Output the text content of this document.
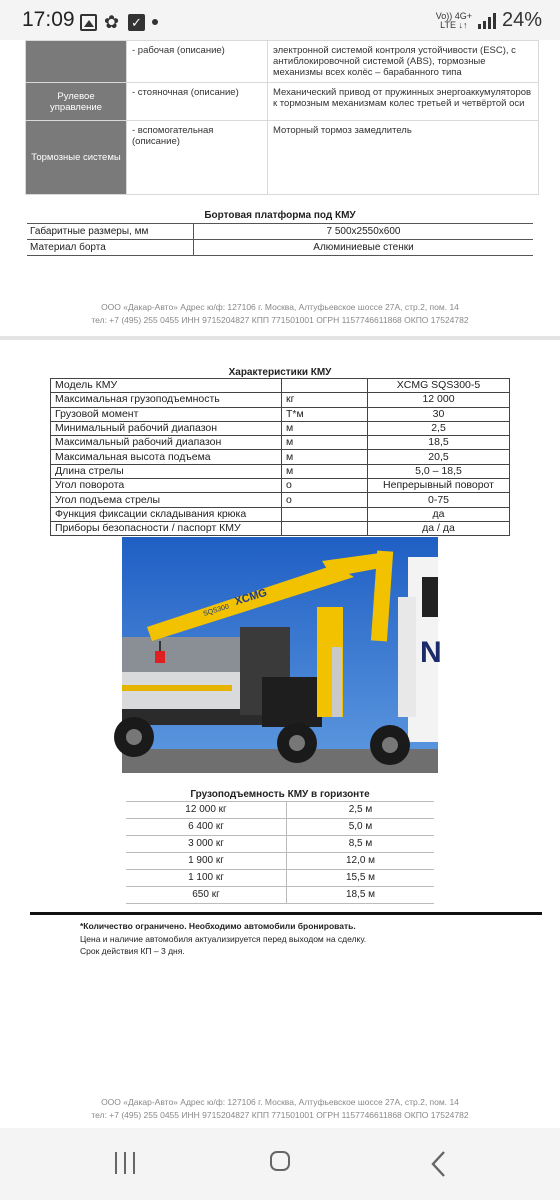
17:09 ✿ ✓	Vo)) 4G+
LTE ↓↑ 24%
	- рабочая (описание)	электронной системой контроля устойчивости (ESC), с антиблокировочной системой (ABS), тормозные механизмы всех колёс – барабанного типа
Рулевое управление	- стояночная (описание)	Механический привод от пружинных энергоаккумуляторов к тормозным механизмам колес третьей и четвёртой оси
Тормозные системы	- вспомогательная (описание)	Моторный тормоз замедлитель
Бортовая платформа под КМУ
Габаритные размеры, мм	7 500x2550x600
Материал борта	Алюминиевые стенки
ООО «Дакар-Авто» Адрес ю/ф: 127106 г. Москва, Алтуфьевское шоссе 27А, стр.2, пом. 14
тел: +7 (495) 255 0455 ИНН 9715204827 КПП 771501001 ОГРН 1157746611868 ОКПО 17524782
Характеристики КМУ
Модель КМУ		XCMG SQS300-5
Максимальная грузоподъемность	кг	12 000
Грузовой момент	Т*м	30
Минимальный рабочий диапазон	м	2,5
Максимальный рабочий диапазон	м	18,5
Максимальная высота подъема	м	20,5
Длина стрелы	м	5,0 – 18,5
Угол поворота	о	Непрерывный поворот
Угол подъема стрелы	о	0-75
Функция фиксации складывания крюка		да
Приборы безопасности / паспорт КМУ		да / да
XCMG
SQS300
N
Грузоподъемность КМУ в горизонте
12 000 кг	2,5 м
6 400 кг	5,0 м
3 000 кг	8,5 м
1 900 кг	12,0 м
1 100 кг	15,5 м
650 кг	18,5 м
*Количество ограничено. Необходимо автомобили бронировать.
Цена и наличие автомобиля актуализируется перед выходом на сделку.
Срок действия КП – 3 дня.
ООО «Дакар-Авто» Адрес ю/ф: 127106 г. Москва, Алтуфьевское шоссе 27А, стр.2, пом. 14
тел: +7 (495) 255 0455 ИНН 9715204827 КПП 771501001 ОГРН 1157746611868 ОКПО 17524782
